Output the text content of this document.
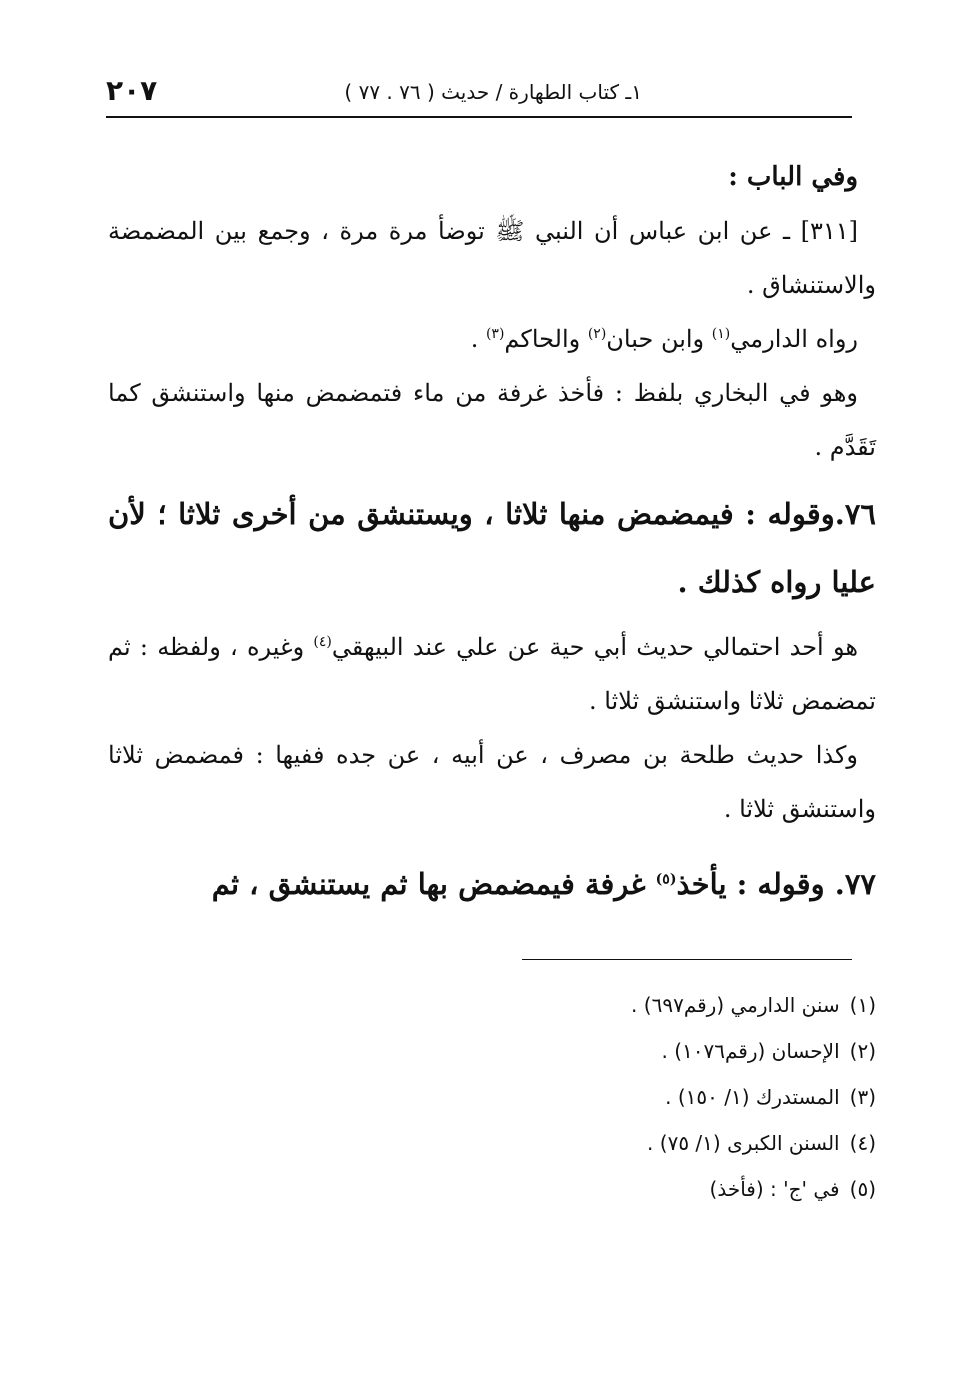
١ـ كتاب الطهارة / حديث ( ٧٦ . ٧٧ )
٢٠٧

وفي الباب :

[٣١١] ـ عن ابن عباس أن النبي ﷺ توضأ مرة مرة ، وجمع بين المضمضة والاستنشاق .

رواه الدارمي$^{(١)}$ وابن حبان$^{(٢)}$ والحاكم$^{(٣)}$ .

وهو في البخاري بلفظ : فأخذ غرفة من ماء فتمضمض منها واستنشق كما تَقَدَّم .

٧٦.وقوله : فيمضمض منها ثلاثا ، ويستنشق من أخرى ثلاثا ؛ لأن عليا رواه كذلك .

هو أحد احتمالي حديث أبي حية عن علي عند البيهقي$^{(٤)}$ وغيره ، ولفظه : ثم تمضمض ثلاثا واستنشق ثلاثا .

وكذا حديث طلحة بن مصرف ، عن أبيه ، عن جده ففيها : فمضمض ثلاثا واستنشق ثلاثا .

٧٧. وقوله : يأخذ$^{(٥)}$ غرفة فيمضمض بها ثم يستنشق ، ثم

(١)سنن الدارمي (رقم٦٩٧) .
(٢)الإحسان (رقم١٠٧٦) .
(٣)المستدرك (١/ ١٥٠) .
(٤)السنن الكبرى (١/ ٧٥) .
(٥)في 'ج' : (فأخذ)
